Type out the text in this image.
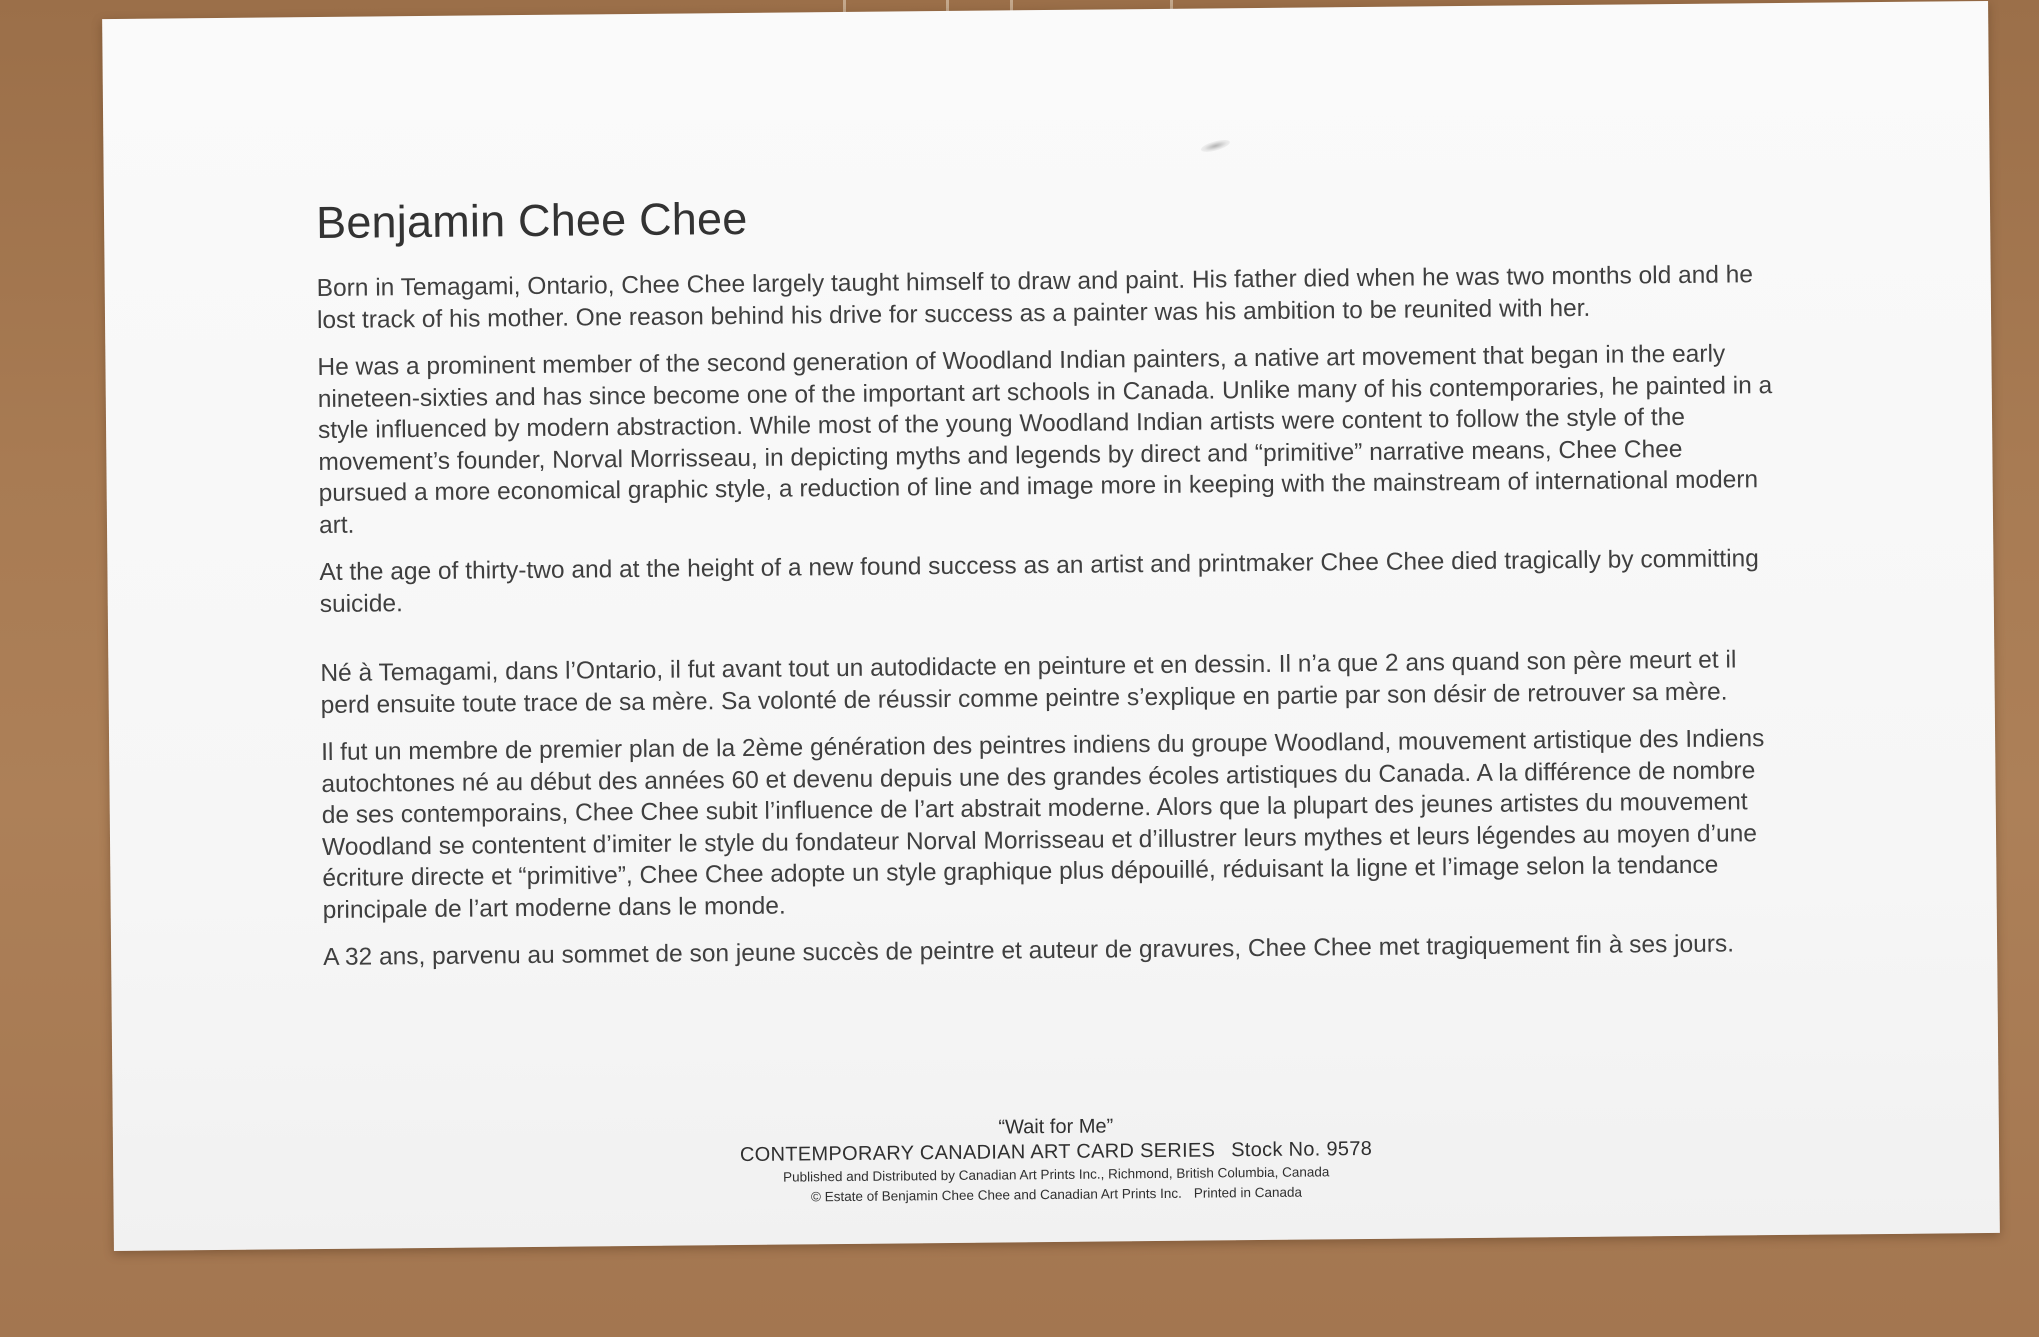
Benjamin Chee Chee

Born in Temagami, Ontario, Chee Chee largely taught himself to draw and paint. His father died when he was two months old and he lost track of his mother. One reason behind his drive for success as a painter was his ambition to be reunited with her.

He was a prominent member of the second generation of Woodland Indian painters, a native art movement that began in the early nineteen-sixties and has since become one of the important art schools in Canada. Unlike many of his contemporaries, he painted in a style influenced by modern abstraction. While most of the young Woodland Indian artists were content to follow the style of the movement’s founder, Norval Morrisseau, in depicting myths and legends by direct and “primitive” narrative means, Chee Chee pursued a more economical graphic style, a reduction of line and image more in keeping with the mainstream of international modern art.

At the age of thirty-two and at the height of a new found success as an artist and printmaker Chee Chee died tragically by committing suicide.

Né à Temagami, dans l’Ontario, il fut avant tout un autodidacte en peinture et en dessin. Il n’a que 2 ans quand son père meurt et il perd ensuite toute trace de sa mère. Sa volonté de réussir comme peintre s’explique en partie par son désir de retrouver sa mère.

Il fut un membre de premier plan de la 2ème génération des peintres indiens du groupe Woodland, mouvement artistique des Indiens autochtones né au début des années 60 et devenu depuis une des grandes écoles artistiques du Canada. A la différence de nombre de ses contemporains, Chee Chee subit l’influence de l’art abstrait moderne. Alors que la plupart des jeunes artistes du mouvement Woodland se contentent d’imiter le style du fondateur Norval Morrisseau et d’illustrer leurs mythes et leurs légendes au moyen d’une écriture directe et “primitive”, Chee Chee adopte un style graphique plus dépouillé, réduisant la ligne et l’image selon la tendance principale de l’art moderne dans le monde.

A 32 ans, parvenu au sommet de son jeune succès de peintre et auteur de gravures, Chee Chee met tragiquement fin à ses jours.

“Wait for Me”
CONTEMPORARY CANADIAN ART CARD SERIES Stock No. 9578
Published and Distributed by Canadian Art Prints Inc., Richmond, British Columbia, Canada
© Estate of Benjamin Chee Chee and Canadian Art Prints Inc. Printed in Canada
